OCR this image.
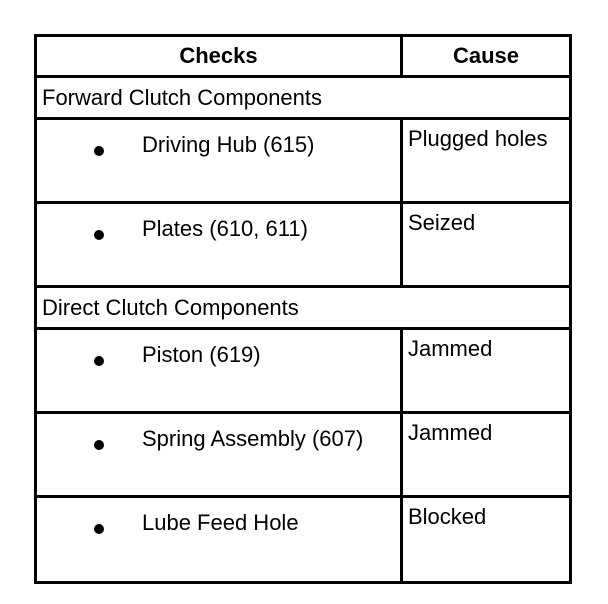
Checks	Cause
Forward Clutch Components
Driving Hub (615)	Plugged holes
Plates (610, 611)	Seized
Direct Clutch Components
Piston (619)	Jammed
Spring Assembly (607) Jammed
Lube Feed Hole	Blocked
